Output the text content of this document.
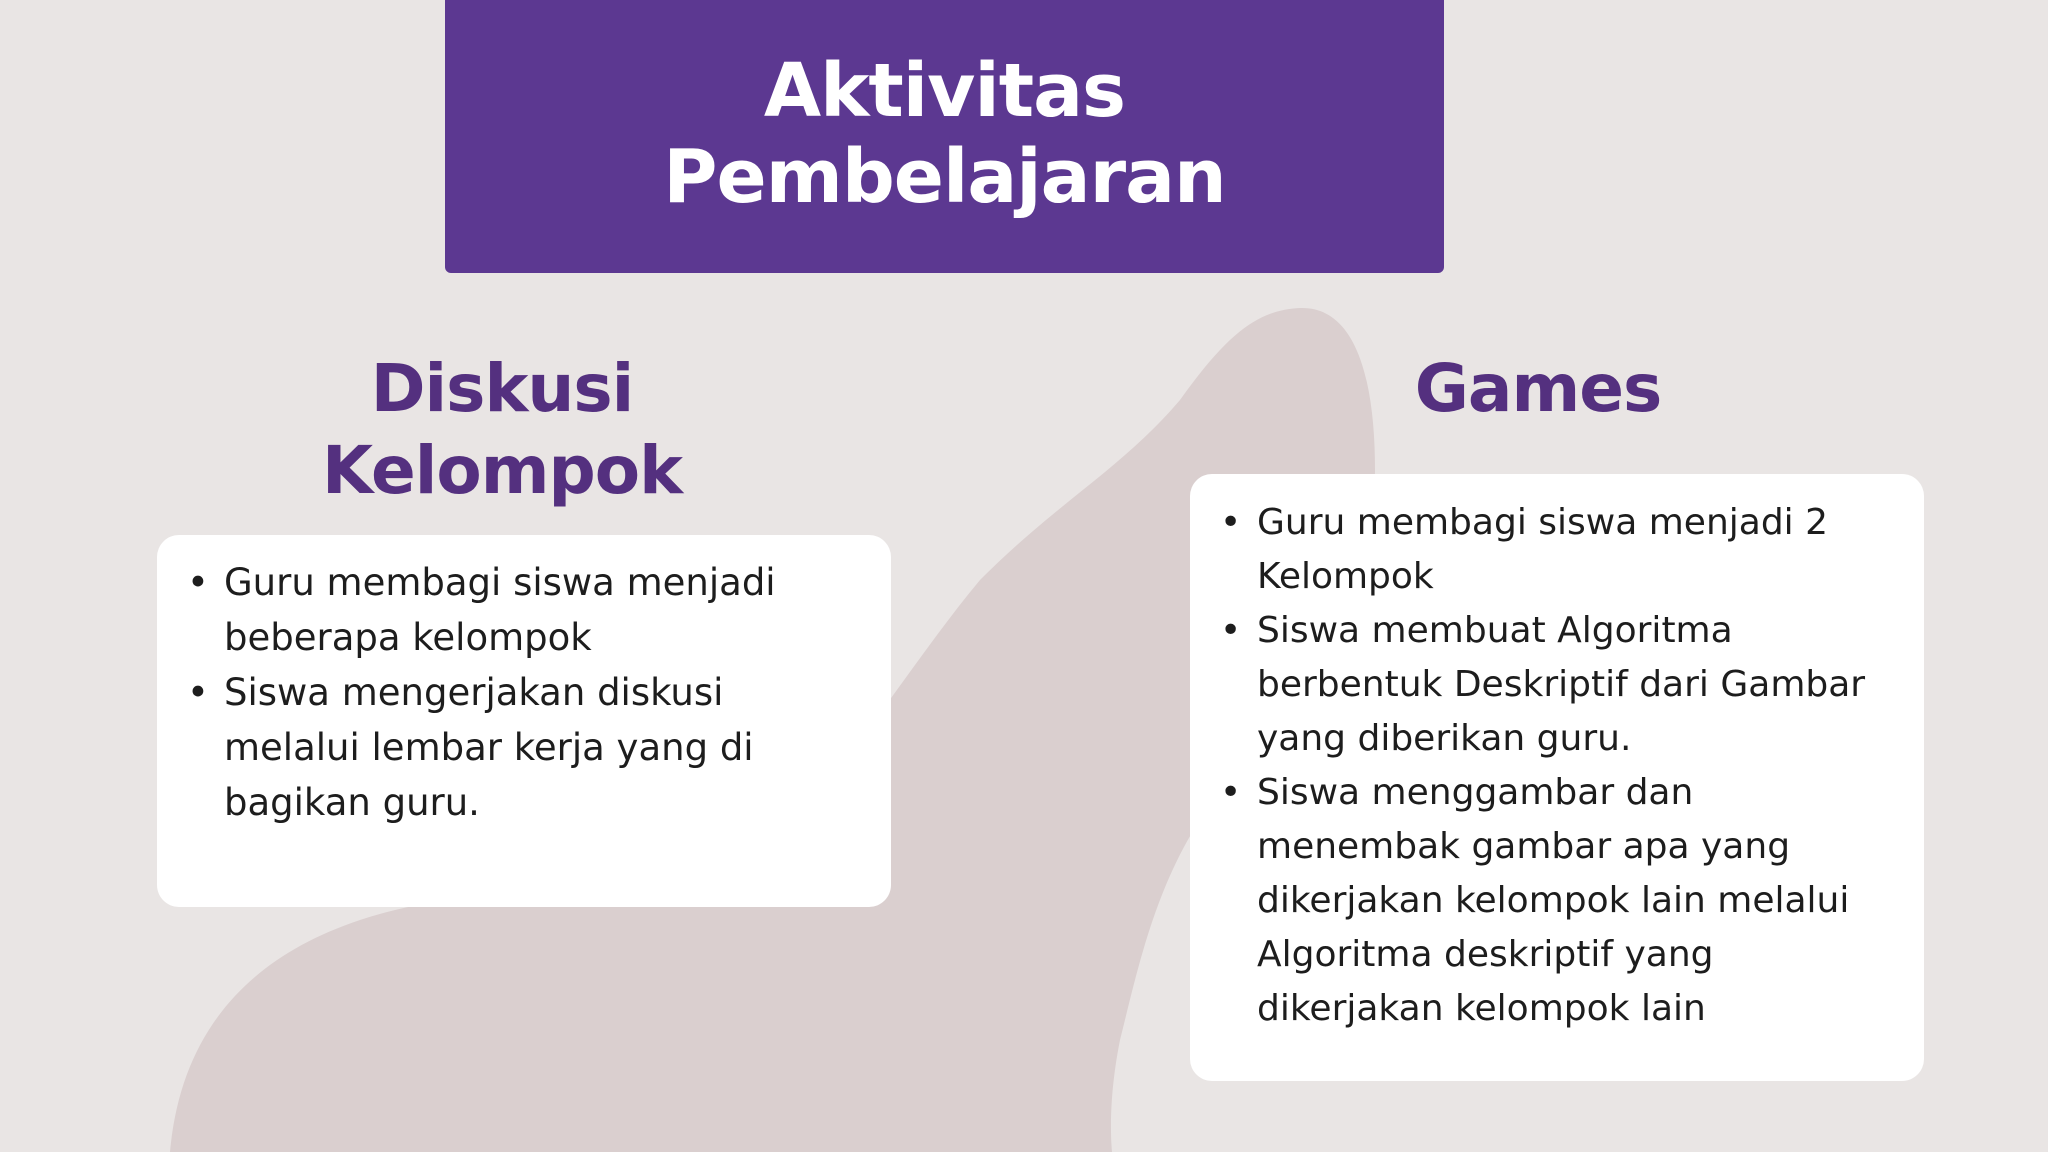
Aktivitas
Pembelajaran
Diskusi
Kelompok
Games
• Guru membagi siswa menjadi beberapa kelompok
• Siswa mengerjakan diskusi melalui lembar kerja yang di bagikan guru.
• Guru membagi siswa menjadi 2 Kelompok
• Siswa membuat Algoritma berbentuk Deskriptif dari Gambar yang diberikan guru.
• Siswa menggambar dan menembak gambar apa yang dikerjakan kelompok lain melalui Algoritma deskriptif yang dikerjakan kelompok lain
